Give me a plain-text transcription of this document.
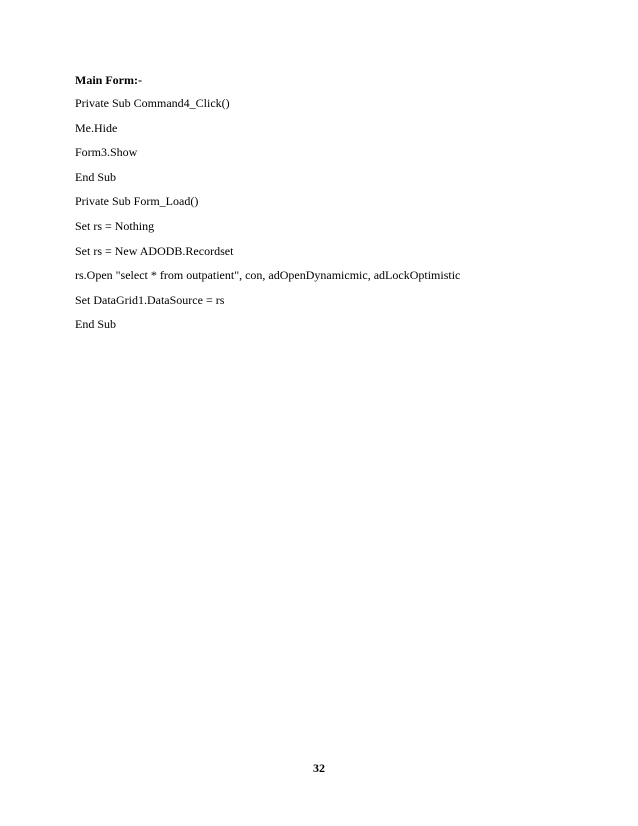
Main Form:-
Private Sub Command4_Click()
Me.Hide
Form3.Show
End Sub
Private Sub Form_Load()
Set rs = Nothing
Set rs = New ADODB.Recordset
rs.Open "select * from outpatient", con, adOpenDynamicmic, adLockOptimistic
Set DataGrid1.DataSource = rs
End Sub
32
